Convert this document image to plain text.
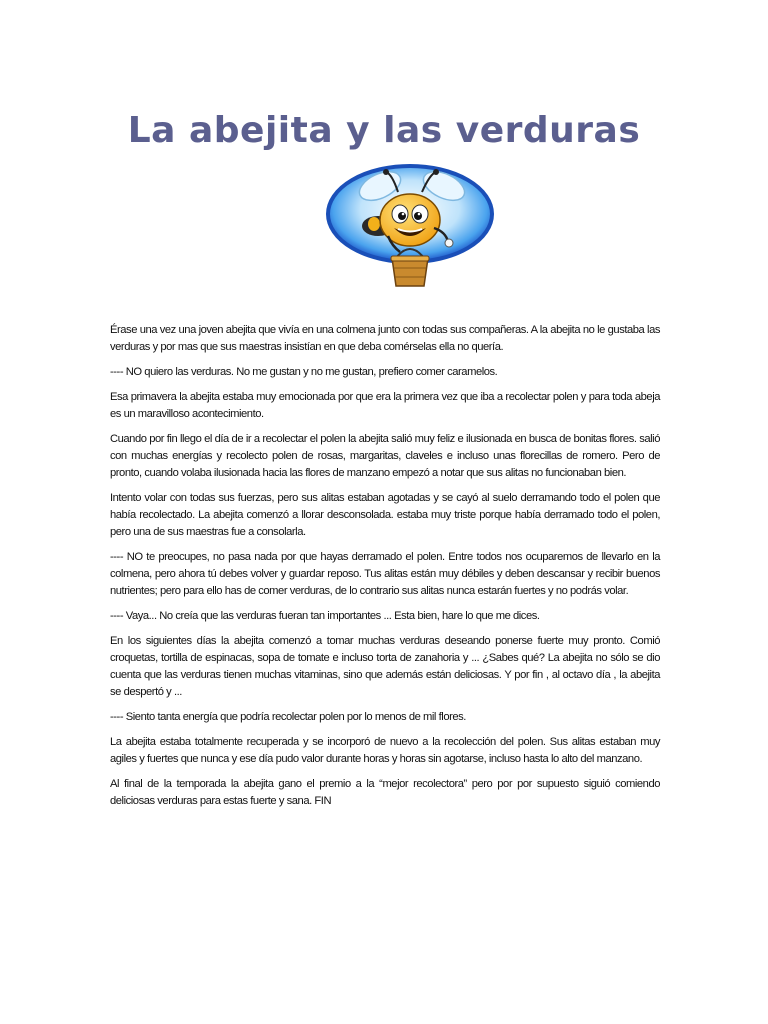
La abejita y las verduras

Érase una vez una joven abejita que vivía en una colmena junto con todas sus compañeras. A la abejita no le gustaba las verduras y por mas que sus maestras insistían en que deba comérselas ella no quería.

---- NO quiero las verduras. No me gustan y no me gustan, prefiero comer caramelos.

Esa primavera la abejita estaba muy emocionada por que era la primera vez que iba a recolectar polen y para toda abeja es un maravilloso acontecimiento.

Cuando por fin llego el día de ir a recolectar el polen la abejita salió muy feliz e ilusionada en busca de bonitas flores. salió con muchas energías y recolecto polen de rosas, margaritas, claveles e incluso unas florecillas de romero. Pero de pronto, cuando volaba ilusionada hacia las flores de manzano empezó a notar que sus alitas no funcionaban bien.

Intento volar con todas sus fuerzas, pero sus alitas estaban agotadas y se cayó al suelo derramando todo el polen que había recolectado. La abejita comenzó a llorar desconsolada. estaba muy triste porque había derramado todo el polen, pero una de sus maestras fue a consolarla.

---- NO te preocupes, no pasa nada por que hayas derramado el polen. Entre todos nos ocuparemos de llevarlo en la colmena, pero ahora tú debes volver y guardar reposo. Tus alitas están muy débiles y deben descansar y recibir buenos nutrientes; pero para ello has de comer verduras, de lo contrario sus alitas nunca estarán fuertes y no podrás volar.

---- Vaya... No creía que las verduras fueran tan importantes ... Esta bien, hare lo que me dices.

En los siguientes días la abejita comenzó a tomar muchas verduras deseando ponerse fuerte muy pronto. Comió croquetas, tortilla de espinacas, sopa de tomate e incluso torta de zanahoria y ... ¿Sabes qué? La abejita no sólo se dio cuenta que las verduras tienen muchas vitaminas, sino que además están deliciosas. Y por fin , al octavo día , la abejita se despertó y ...

---- Siento tanta energía que podría recolectar polen por lo menos de mil flores.

La abejita estaba totalmente recuperada y se incorporó de nuevo a la recolección del polen. Sus alitas estaban muy agiles y fuertes que nunca y ese día pudo valor durante horas y horas sin agotarse, incluso hasta lo alto del manzano.

Al final de la temporada la abejita gano el premio a la “mejor recolectora” pero por por supuesto siguió comiendo deliciosas verduras para estas fuerte y sana. FIN
